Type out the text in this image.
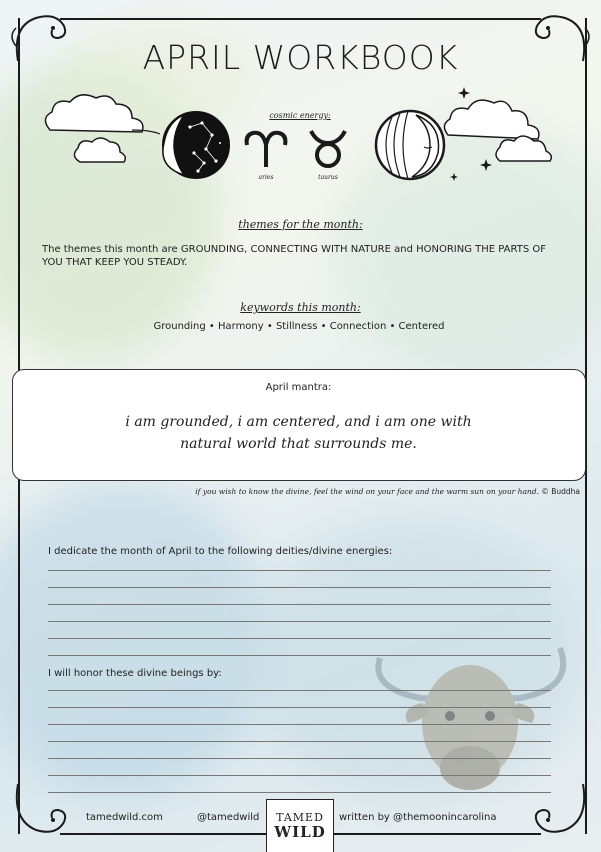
APRIL WORKBOOK
cosmic energy:
aries	taurus
themes for the month:
The themes this month are GROUNDING, CONNECTING WITH NATURE and HONORING THE PARTS OF YOU THAT KEEP YOU STEADY.
keywords this month:
Grounding • Harmony • Stillness • Connection • Centered
April mantra:
i am grounded, i am centered, and i am one with
natural world that surrounds me.
if you wish to know the divine, feel the wind on your face and the warm sun on your hand. © Buddha
I dedicate the month of April to the following deities/divine energies:
I will honor these divine beings by:
tamedwild.com	@tamedwild	TAMED
WILD
written by @themoonincarolina
